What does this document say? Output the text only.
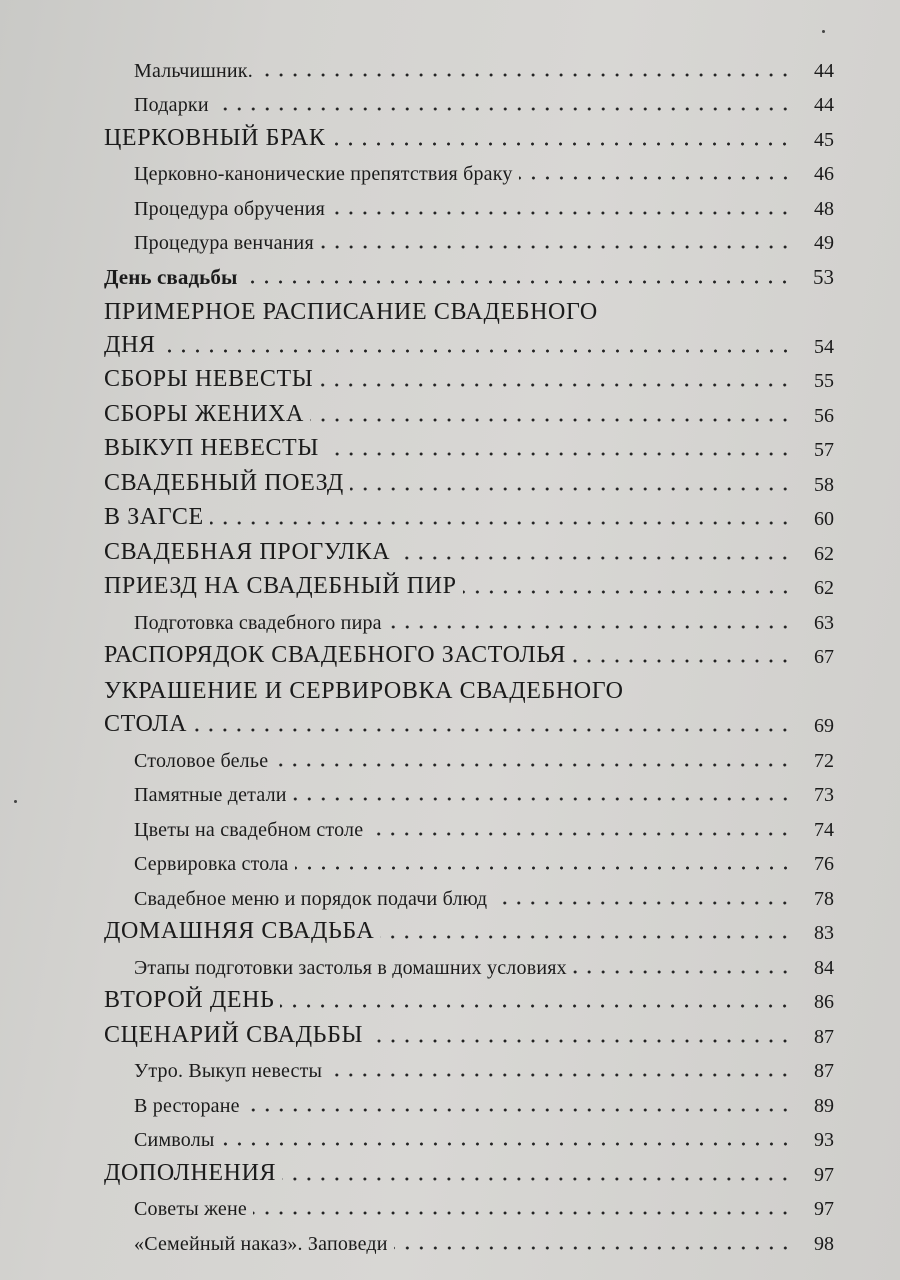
Мальчишник.	44
Подарки	44
ЦЕРКОВНЫЙ БРАК	45
Церковно-канонические препятствия браку	46
Процедура обручения	48
Процедура венчания	49
День свадьбы	53
ПРИМЕРНОЕ РАСПИСАНИЕ СВАДЕБНОГО
ДНЯ	54
СБОРЫ НЕВЕСТЫ	55
СБОРЫ ЖЕНИХА	56
ВЫКУП НЕВЕСТЫ	57
СВАДЕБНЫЙ ПОЕЗД	58
В ЗАГСЕ	60
СВАДЕБНАЯ ПРОГУЛКА	62
ПРИЕЗД НА СВАДЕБНЫЙ ПИР	62
Подготовка свадебного пира	63
РАСПОРЯДОК СВАДЕБНОГО ЗАСТОЛЬЯ	67
УКРАШЕНИЕ И СЕРВИРОВКА СВАДЕБНОГО
СТОЛА	69
Столовое белье	72
Памятные детали	73
Цветы на свадебном столе	74
Сервировка стола	76
Свадебное меню и порядок подачи блюд	78
ДОМАШНЯЯ СВАДЬБА	83
Этапы подготовки застолья в домашних условиях	84
ВТОРОЙ ДЕНЬ	86
СЦЕНАРИЙ СВАДЬБЫ	87
Утро. Выкуп невесты	87
В ресторане	89
Символы	93
ДОПОЛНЕНИЯ	97
Советы жене	97
«Семейный наказ». Заповеди	98
